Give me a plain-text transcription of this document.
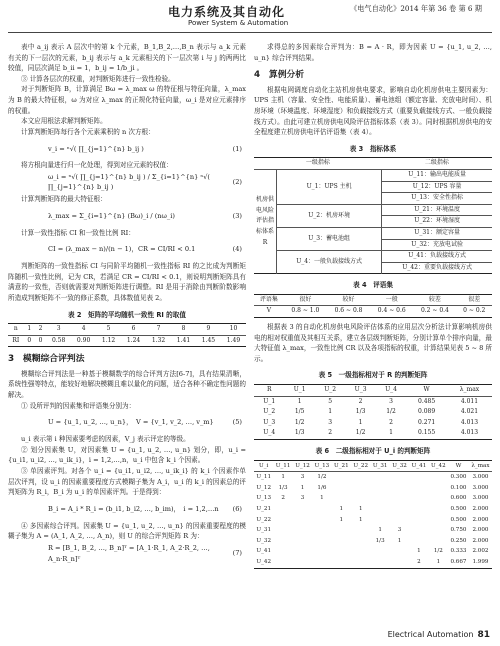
电力系统及其自动化
Power System & Automation
《电气自动化》2014 年第 36 卷 第 6 期

表中 a_ij 表示 A 层次中的第 k 个元素，B_1,B_2,…,B_n 表示与 a_k 元素有关的下一层次的元素，b_ij 表示与 a_k 元素相关的下一层次第 i 与 j 的两两比较值，同层次满足 b_ii = 1，b_ij = 1/b_ji 。

③ 计算各层次的权重，对判断矩阵进行一致性检验。

对于判断矩阵 B，计算满足 Bω = λ_max ω 的特征根与特征向量，λ_max 为 B 的最大特征根，ω 为对应 λ_max 的正规化特征向量，ω_i 是对应元素排序的权重。

本文应用根法求解判断矩阵。

计算判断矩阵每行各个元素乘积的 n 次方根：

v_i = ⁿ√( ∏_{j=1}^{n} b_ij )	(1)

将方根向量进行归一化处理，得到对应元素的权值：

ω_i = ⁿ√( ∏_{j=1}^{n} b_ij ) / Σ_{i=1}^{n} ⁿ√( ∏_{j=1}^{n} b_ij )
(2)

计算判断矩阵的最大特征根：

λ_max = Σ_{i=1}^{n} (Bω)_i / (nω_i)	(3)

计算一致性指标 CI 和一致性比例 RI：

CI = (λ_max − n)/(n − 1)，CR = CI/RI < 0.1	(4)

判断矩阵的一致性指标 CI 与同阶平均随机一致性指标 RI 的之比成为判断矩阵随机一致性比例，记为 CR，若满足 CR = CI/RI < 0.1，则说明判断矩阵具有满意的一致性，否则就需要对判断矩阵进行调整。RI 是用于消除由判断阶数影响所造成判断矩阵不一致的修正系数，具体数值见表 2。

表 2　矩阵的平均随机一致性 RI 的取值
n	1	2	3	4	5	6	7	8	9	10
RI	0	0	0.58	0.90	1.12	1.24	1.32	1.41	1.45	1.49
3　模糊综合评判法

模糊综合评判法是一种基于模糊数学的综合评判方法[6-7]，具有结果清晰，系统性强等特点，能较好地解决模糊且难以量化的问题，适合各种不确定性问题的解决。

① 设所评判的因素集和评语集分别为：

U = {u_1, u_2, …, u_n}，　V = {v_1, v_2, …, v_m}	(5)

u_i 表示第 i 种因素要考虑的因素，V_j 表示评定的等级。

② 划分因素集 U，对因素集 U = {u_1, u_2, …, u_n} 划分，即，u_i = {u_i1, u_i2, …, u_ik_i}，i = 1,2,…,n，u_i 中包含 k_i 个因素。

③ 单因素评判。对各个 u_i = {u_i1, u_i2, …, u_ik_i} 的 k_i 个因素作单层次评判，设 u_i 的因素重要程度方式模糊子集为 A_i，u_i 的 k_i 的因素总的评判矩阵为 R_i，B_i 为 u_i 的单因素评判。于是得到：

B_i = A_i * R_i = (b_i1, b_i2, …, b_im)，　i = 1,2,…n (6)

④ 多因素综合评判。因素集 U = {u_1, u_2, …, u_n} 的因素重要程度的模糊子集为 A = (A_1, A_2, …, A_n)，则 U 的综合评判矩阵 R 为：

R = [B_1, B_2, …, B_n]ᵀ = [A_1·R_1, A_2·R_2, …, A_n·R_n]ᵀ
(7)

求得总的多因素综合评判为：B = A · R，即为因素 U = {u_1, u_2, …, u_n} 综合评判结果。

4　算例分析

根据电网调度自动化主站机房供电要求，影响自动化机房供电主要因素为：UPS 主机（容量、安全性、电能质量）、蓄电池组（额定容量、充放电时间）、机房环境（环境温度、环境湿度）和负载接线方式（重要负载接线方式、一般负载接线方式）。由此可建立机房供电风险评估指标体系（表 3）。同时根据机房供电的安全程度建立机房供电评估评语集（表 4）。

表 3　指标体系
一级指标		二级指标
机房供电风险评估指标体系 R	U_1：UPS 主机	U_11：输出电能质量
		U_12：UPS 容量
		U_13：安全性指标
	U_2：机房环境	U_21：环境温度
		U_22：环境湿度
	U_3：蓄电池组	U_31：额定容量
		U_32：充放电试验
	U_4：一般负载接线方式	U_41：负载接线方式
		U_42：重要负载接线方式
表 4　评语集
评语集	很好	较好	一般	较差	很差
V	0.8 ~ 1.0	0.6 ~ 0.8	0.4 ~ 0.6	0.2 ~ 0.4	0 ~ 0.2

根据表 3 的自动化机房供电风险评估体系的应用层次分析法计算影响机房供电的相对权重值及其相互关系，建立各层级判断矩阵，分别计算单个排序向量，最大特征值 λ_max，一致性比例 CR 以及各项指标的权重，计算结果见表 5 ~ 8 所示。

表 5　一级指标相对于 R 的判断矩阵
R	U_1	U_2	U_3	U_4	W	λ_max
U_1	1	5	2	3	0.485	4.011
U_2	1/5	1	1/3	1/2	0.089	4.021
U_3	1/2	3	1	2	0.271	4.013
U_4	1/3	2	1/2	1	0.155	4.013
表 6　二级指标相对于 U_i 的判断矩阵
U_i	U_11	U_12	U_13	U_21	U_22	U_31	U_32	U_41	U_42	W	λ_max
U_11	1	3	1/2							0.300	3.000
U_12	1/3	1	1/6							0.100	3.000
U_13	2	3	1							0.600	3.000
U_21				1	1					0.500	2.000
U_22				1	1					0.500	2.000
U_31						1	3			0.750	2.000
U_32						1/3	1			0.250	2.000
U_41								1	1/2	0.333	2.002
U_42								2	1	0.667	1.999
Electrical Automation 81
